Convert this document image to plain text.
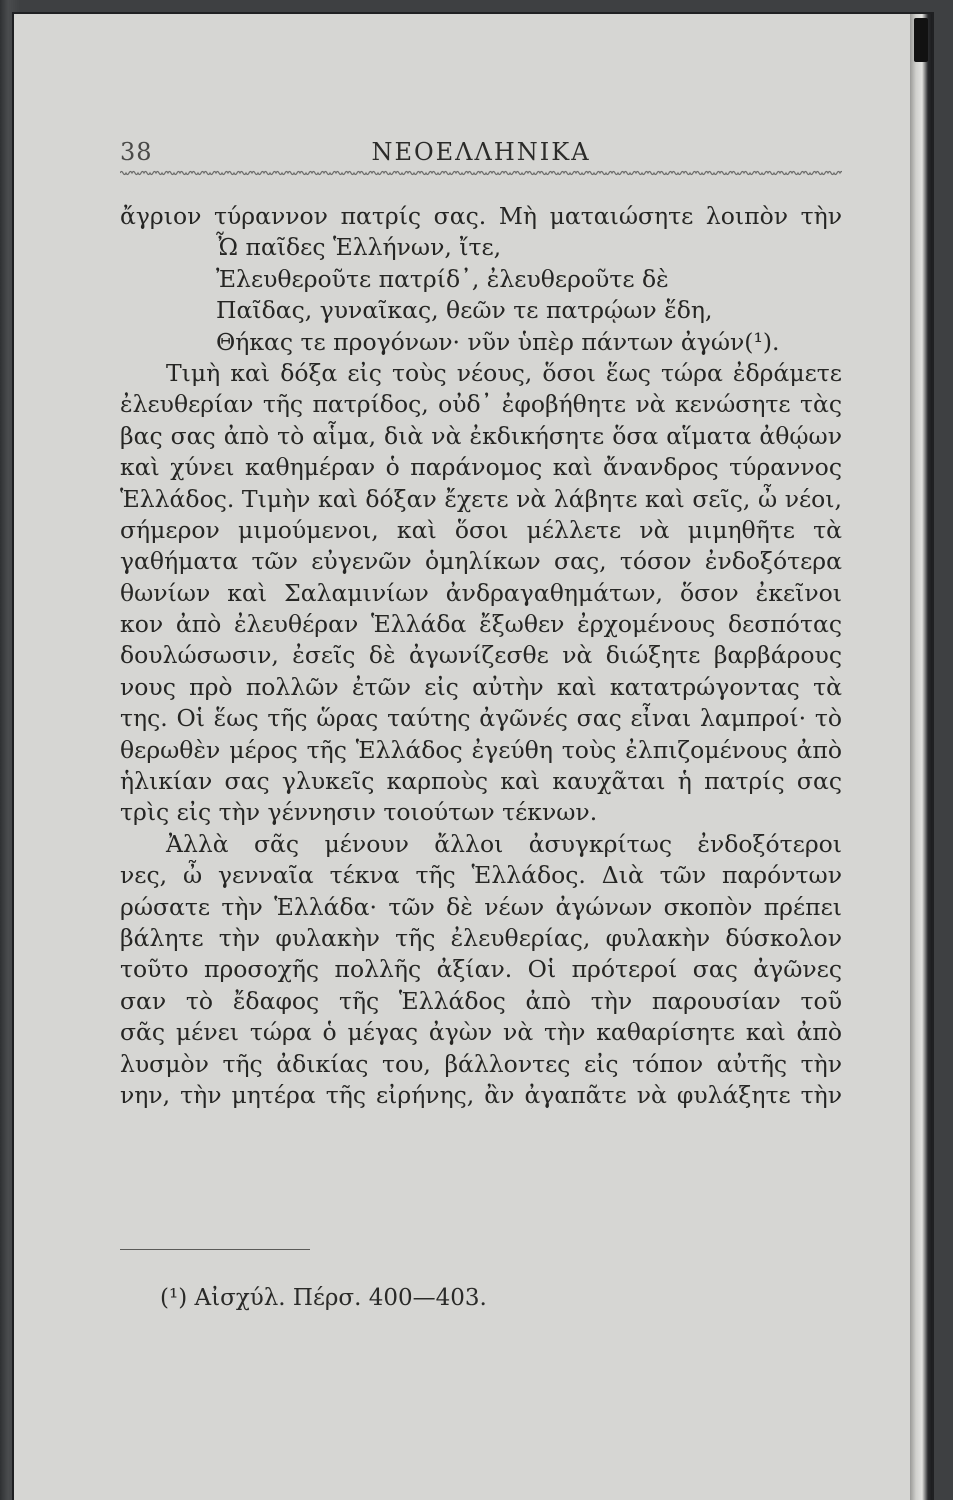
38	ΝΕΟΕΛΛΗΝΙΚΑ
ἄγριον τύραννον πατρίς σας. Μὴ ματαιώσητε λοιπὸν τὴν
Ὦ παῖδες Ἑλλήνων, ἴτε,
Ἐλευθεροῦτε πατρίδ᾽, ἐλευθεροῦτε δὲ
Παῖδας, γυναῖκας, θεῶν τε πατρῴων ἕδη,
Θήκας τε προγόνων· νῦν ὑπὲρ πάντων ἀγών(¹).
Τιμὴ καὶ δόξα εἰς τοὺς νέους, ὅσοι ἕως τώρα ἐδράμετε
ἐλευθερίαν τῆς πατρίδος, οὐδ᾽ ἐφοβήθητε νὰ κενώσητε τὰς
βας σας ἀπὸ τὸ αἷμα, διὰ νὰ ἐκδικήσητε ὅσα αἵματα ἀθῴων
καὶ χύνει καθημέραν ὁ παράνομος καὶ ἄνανδρος τύραννος
Ἑλλάδος. Τιμὴν καὶ δόξαν ἔχετε νὰ λάβητε καὶ σεῖς, ὦ νέοι,
σήμερον μιμούμενοι, καὶ ὅσοι μέλλετε νὰ μιμηθῆτε τὰ
γαθήματα τῶν εὐγενῶν ὁμηλίκων σας, τόσον ἐνδοξότερα
θωνίων καὶ Σαλαμινίων ἀνδραγαθημάτων, ὅσον ἐκεῖνοι
κον ἀπὸ ἐλευθέραν Ἑλλάδα ἔξωθεν ἐρχομένους δεσπότας
δουλώσωσιν, ἐσεῖς δὲ ἀγωνίζεσθε νὰ διώξητε βαρβάρους
νους πρὸ πολλῶν ἐτῶν εἰς αὐτὴν καὶ κατατρώγοντας τὰ
της. Οἱ ἕως τῆς ὥρας ταύτης ἀγῶνές σας εἶναι λαμπροί· τὸ
θερωθὲν μέρος τῆς Ἑλλάδος ἐγεύθη τοὺς ἐλπιζομένους ἀπὸ
ἡλικίαν σας γλυκεῖς καρποὺς καὶ καυχᾶται ἡ πατρίς σας
τρὶς εἰς τὴν γέννησιν τοιούτων τέκνων.
Ἀλλὰ σᾶς μένουν ἄλλοι ἀσυγκρίτως ἐνδοξότεροι
νες, ὦ γενναῖα τέκνα τῆς Ἑλλάδος. Διὰ τῶν παρόντων
ρώσατε τὴν Ἑλλάδα· τῶν δὲ νέων ἀγώνων σκοπὸν πρέπει
βάλητε τὴν φυλακὴν τῆς ἐλευθερίας, φυλακὴν δύσκολον
τοῦτο προσοχῆς πολλῆς ἀξίαν. Οἱ πρότεροί σας ἀγῶνες
σαν τὸ ἔδαφος τῆς Ἑλλάδος ἀπὸ τὴν παρουσίαν τοῦ
σᾶς μένει τώρα ὁ μέγας ἀγὼν νὰ τὴν καθαρίσητε καὶ ἀπὸ
λυσμὸν τῆς ἀδικίας του, βάλλοντες εἰς τόπον αὐτῆς τὴν
νην, τὴν μητέρα τῆς εἰρήνης, ἂν ἀγαπᾶτε νὰ φυλάξητε τὴν
(¹) Αἰσχύλ. Πέρσ. 400—403.
